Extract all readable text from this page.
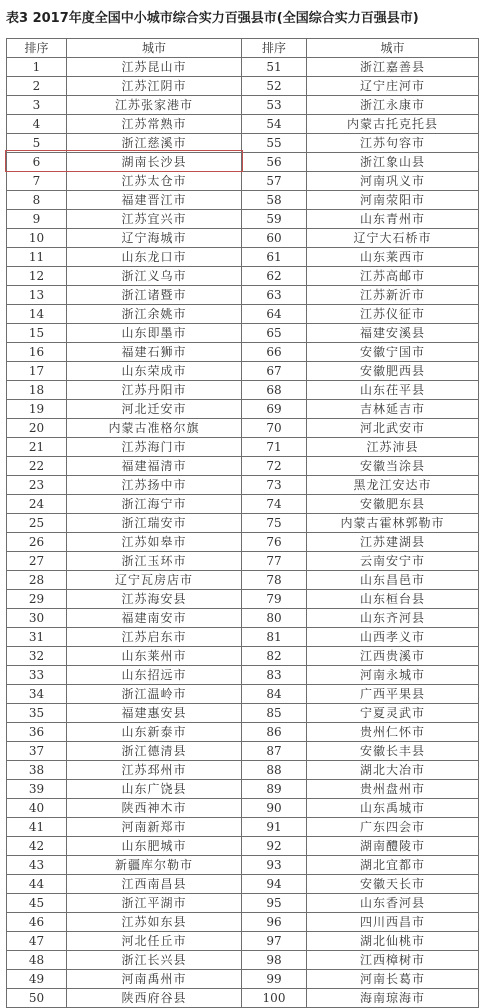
表3 2017年度全国中小城市综合实力百强县市(全国综合实力百强县市)
排序	城市	排序	城市
1	江苏昆山市	51	浙江嘉善县
2	江苏江阴市	52	辽宁庄河市
3	江苏张家港市	53	浙江永康市
4	江苏常熟市	54	内蒙古托克托县
5	浙江慈溪市	55	江苏句容市
6	湖南长沙县	56	浙江象山县
7	江苏太仓市	57	河南巩义市
8	福建晋江市	58	河南荥阳市
9	江苏宜兴市	59	山东青州市
10	辽宁海城市	60	辽宁大石桥市
11	山东龙口市	61	山东莱西市
12	浙江义乌市	62	江苏高邮市
13	浙江诸暨市	63	江苏新沂市
14	浙江余姚市	64	江苏仪征市
15	山东即墨市	65	福建安溪县
16	福建石狮市	66	安徽宁国市
17	山东荣成市	67	安徽肥西县
18	江苏丹阳市	68	山东茌平县
19	河北迁安市	69	吉林延吉市
20	内蒙古准格尔旗	70	河北武安市
21	江苏海门市	71	江苏沛县
22	福建福清市	72	安徽当涂县
23	江苏扬中市	73	黑龙江安达市
24	浙江海宁市	74	安徽肥东县
25	浙江瑞安市	75	内蒙古霍林郭勒市
26	江苏如皋市	76	江苏建湖县
27	浙江玉环市	77	云南安宁市
28	辽宁瓦房店市	78	山东昌邑市
29	江苏海安县	79	山东桓台县
30	福建南安市	80	山东齐河县
31	江苏启东市	81	山西孝义市
32	山东莱州市	82	江西贵溪市
33	山东招远市	83	河南永城市
34	浙江温岭市	84	广西平果县
35	福建惠安县	85	宁夏灵武市
36	山东新泰市	86	贵州仁怀市
37	浙江德清县	87	安徽长丰县
38	江苏邳州市	88	湖北大冶市
39	山东广饶县	89	贵州盘州市
40	陕西神木市	90	山东禹城市
41	河南新郑市	91	广东四会市
42	山东肥城市	92	湖南醴陵市
43	新疆库尔勒市	93	湖北宜都市
44	江西南昌县	94	安徽天长市
45	浙江平湖市	95	山东香河县
46	江苏如东县	96	四川西昌市
47	河北任丘市	97	湖北仙桃市
48	浙江长兴县	98	江西樟树市
49	河南禹州市	99	河南长葛市
50	陕西府谷县	100	海南琼海市
